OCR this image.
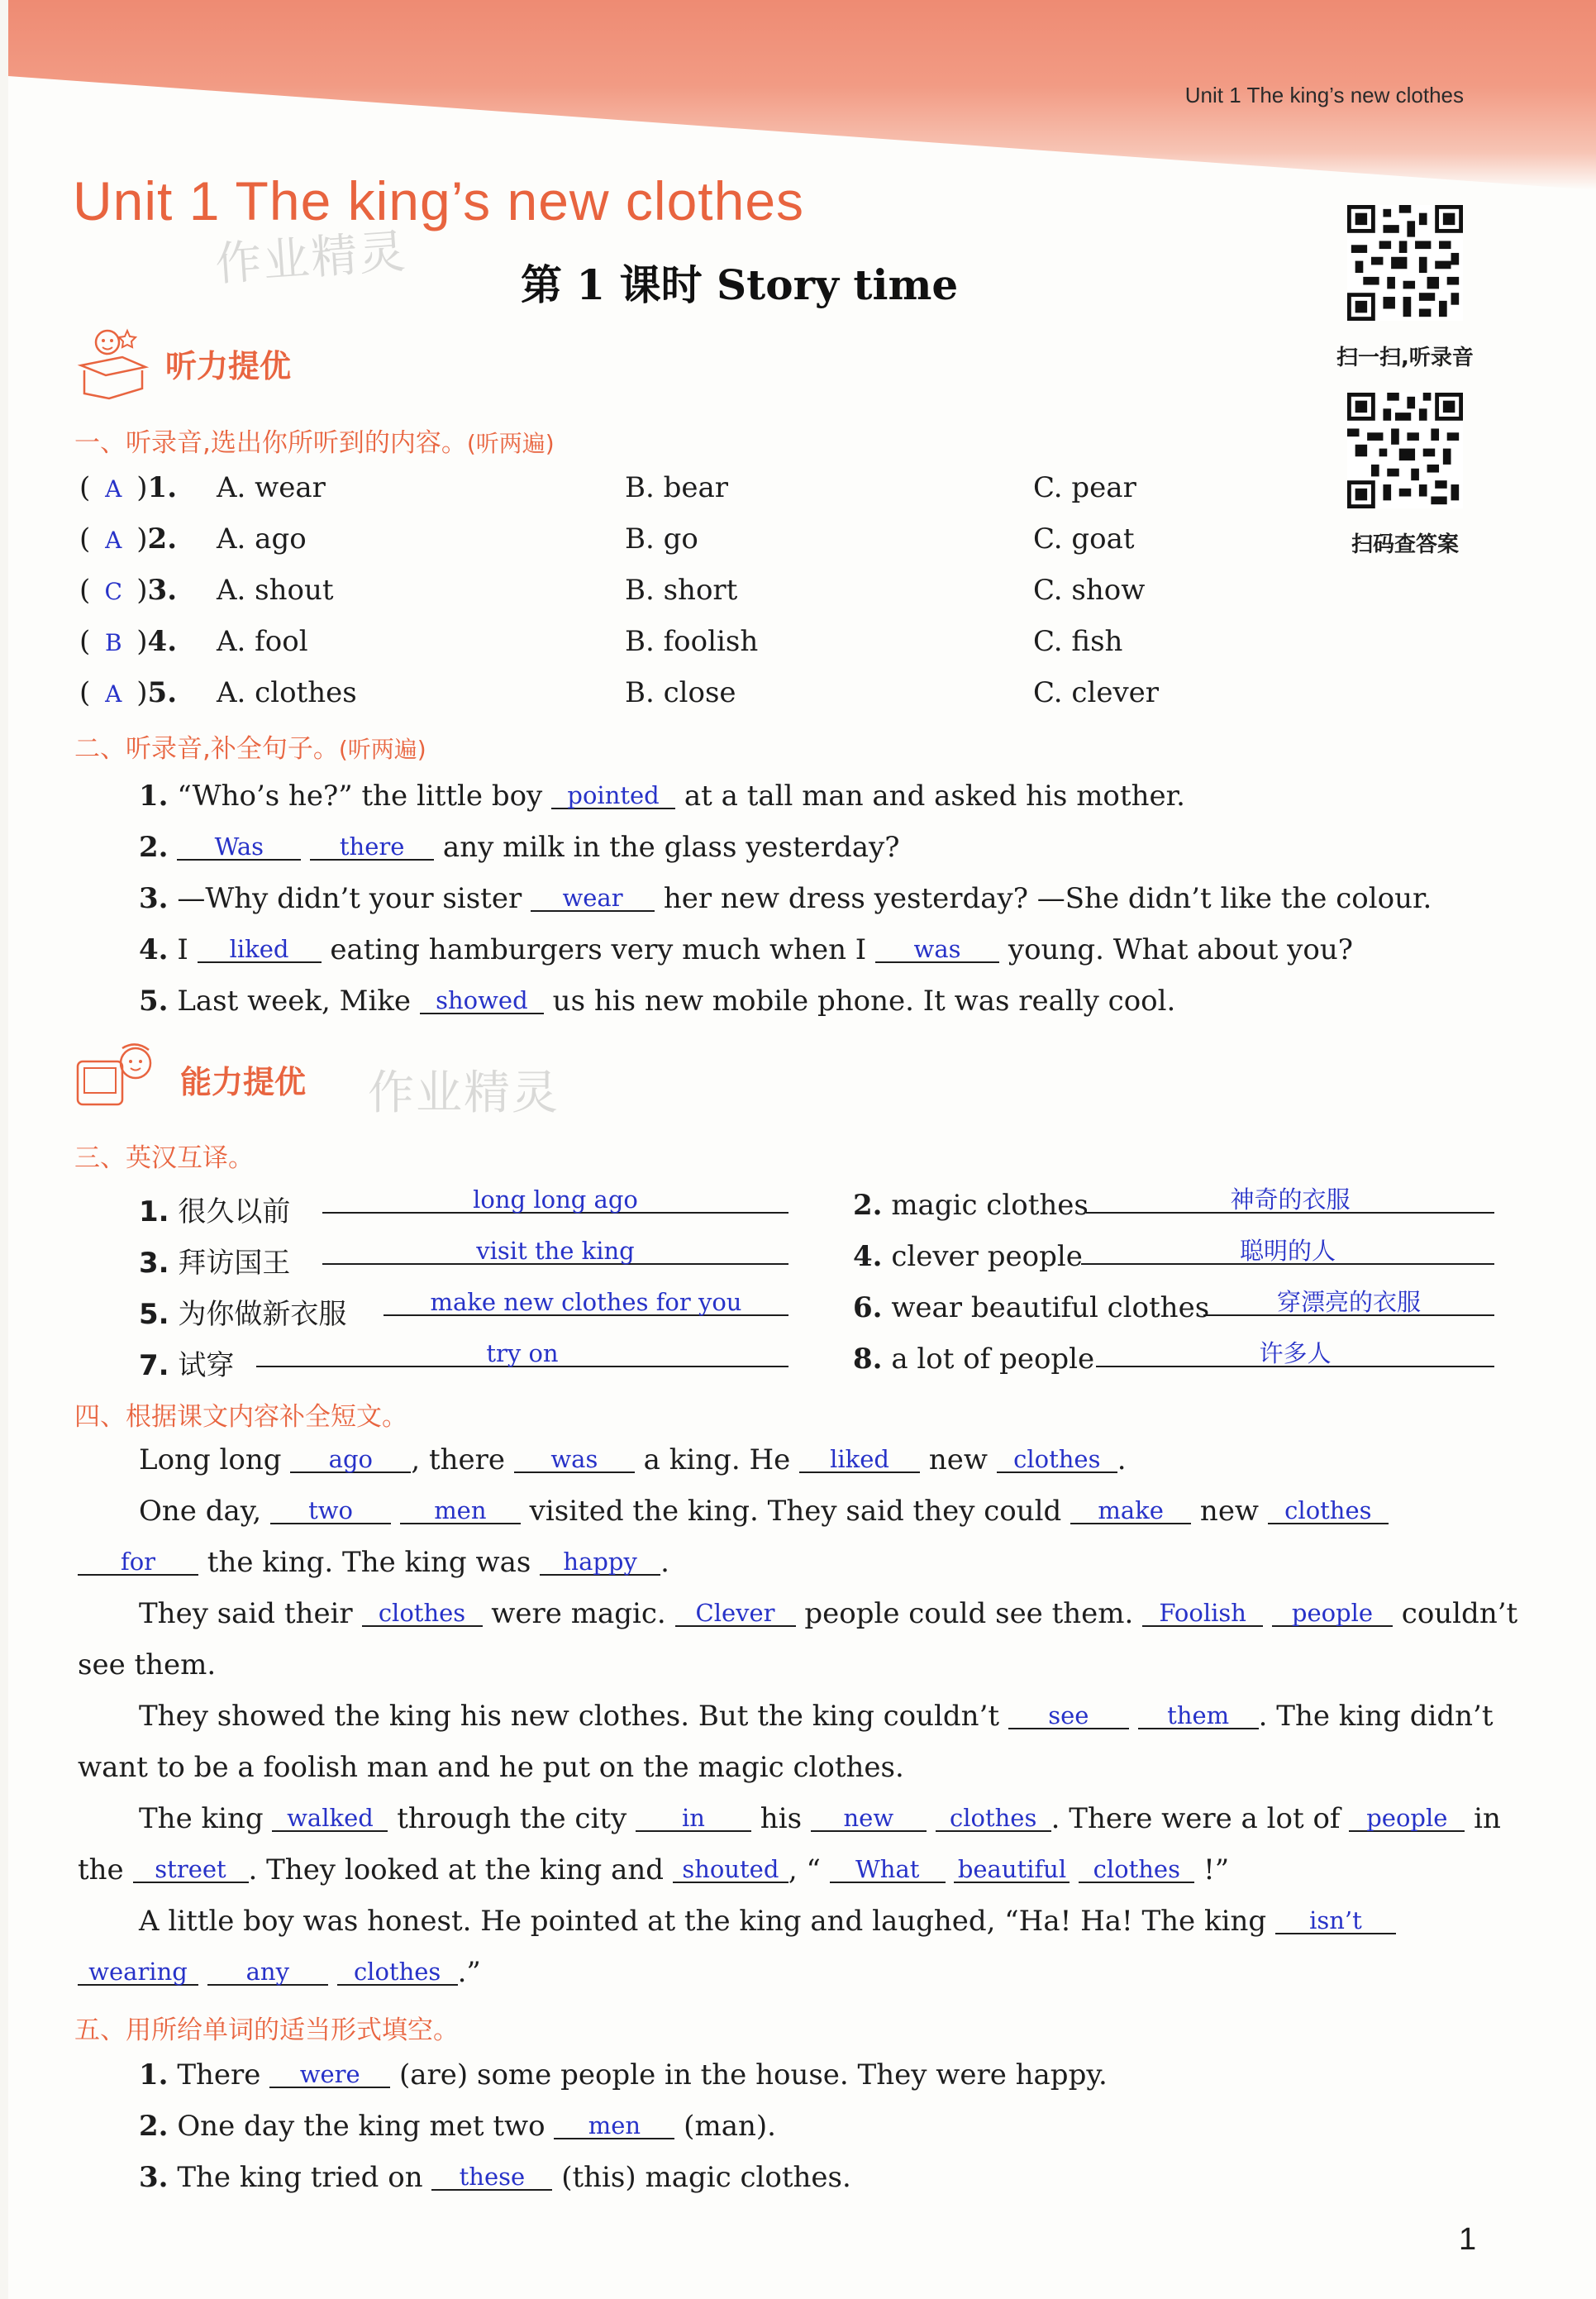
Unit 1 The king’s new clothes
Unit 1 The king’s new clothes
作业精灵	第 1 课时 Story time
扫一扫,听录音
扫码查答案
听力提优
一、听录音,选出你所听到的内容。(听两遍)
( A )1. A. wear	B. bear	C. pear
( A )2. A. ago	B. go	C. goat
( C )3. A. shout	B. short	C. show
( B )4. A. fool	B. foolish	C. fish
( A )5. A. clothes	B. close	C. clever
二、听录音,补全句子。(听两遍)
1. “Who’s he?” the little boy pointed at a tall man and asked his mother.
2. Was	there any milk in the glass yesterday?
3. —Why didn’t your sister wear her new dress yesterday? —She didn’t like the colour.
4. I liked eating hamburgers very much when I was young. What about you?
5. Last week, Mike showed us his new mobile phone. It was really cool.
能力提优 作业精灵
三、英汉互译。
1. 很久以前	long long ago	2. magic clothes	神奇的衣服
3. 拜访国王	visit the king	4. clever people	聪明的人
5. 为你做新衣服	make new clothes for you	6. wear beautiful clothes	穿漂亮的衣服
7. 试穿	try on	8. a lot of people	许多人
四、根据课文内容补全短文。
Long long ago , there was a king. He liked new clothes .
One day, two	men visited the king. They said they could make new clothes
for the king. The king was happy .
They said their clothes were magic. Clever people could see them. Foolish people couldn’t
see them.
They showed the king his new clothes. But the king couldn’t see	them . The king didn’t
want to be a foolish man and he put on the magic clothes.
The king walked through the city in his new clothes . There were a lot of people in
the street . They looked at the king and shouted , “ What beautiful clothes !”
A little boy was honest. He pointed at the king and laughed, “Ha! Ha! The king isn’t
wearing any	clothes .”
五、用所给单词的适当形式填空。
1. There were (are) some people in the house. They were happy.
2. One day the king met two men (man).
3. The king tried on these (this) magic clothes.
1
